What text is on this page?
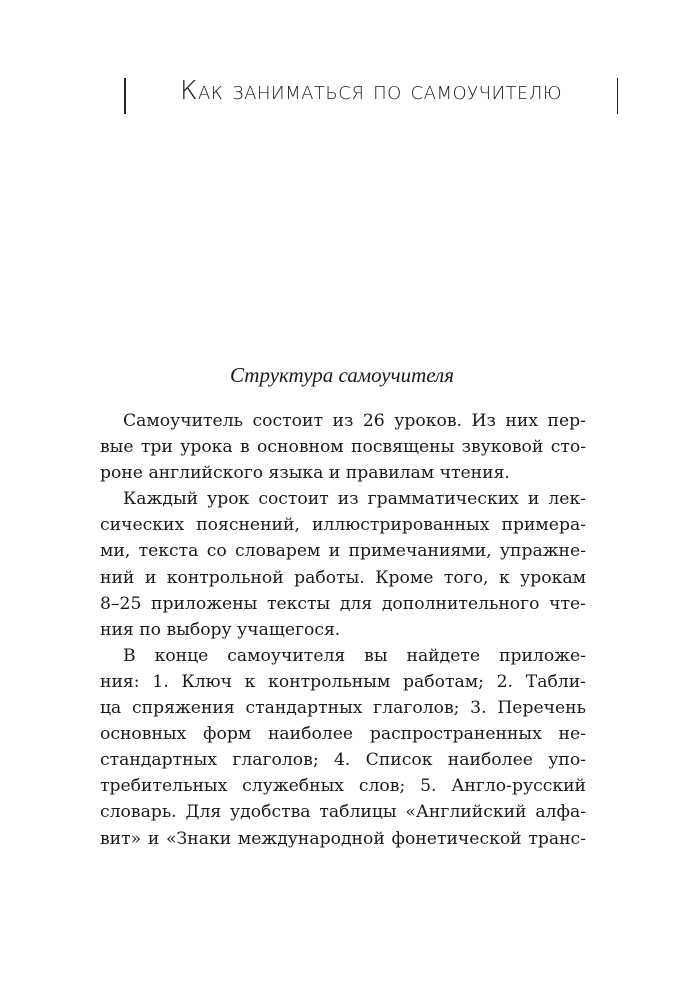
Как заниматься по самоучителю
Структура самоучителя
Самоучитель состоит из 26 уроков. Из них пер-
вые три урока в основном посвящены звуковой сто-
роне английского языка и правилам чтения.
Каждый урок состоит из грамматических и лек-
сических пояснений, иллюстрированных примера-
ми, текста со словарем и примечаниями, упражне-
ний и контрольной работы. Кроме того, к урокам
8–25 приложены тексты для дополнительного чте-
ния по выбору учащегося.
В конце самоучителя вы найдете приложе-
ния: 1. Ключ к контрольным работам; 2. Табли-
ца спряжения стандартных глаголов; 3. Перечень
основных форм наиболее распространенных не-
стандартных глаголов; 4. Список наиболее упо-
требительных служебных слов; 5. Англо-русский
словарь. Для удобства таблицы «Английский алфа-
вит» и «Знаки международной фонетической транс-
